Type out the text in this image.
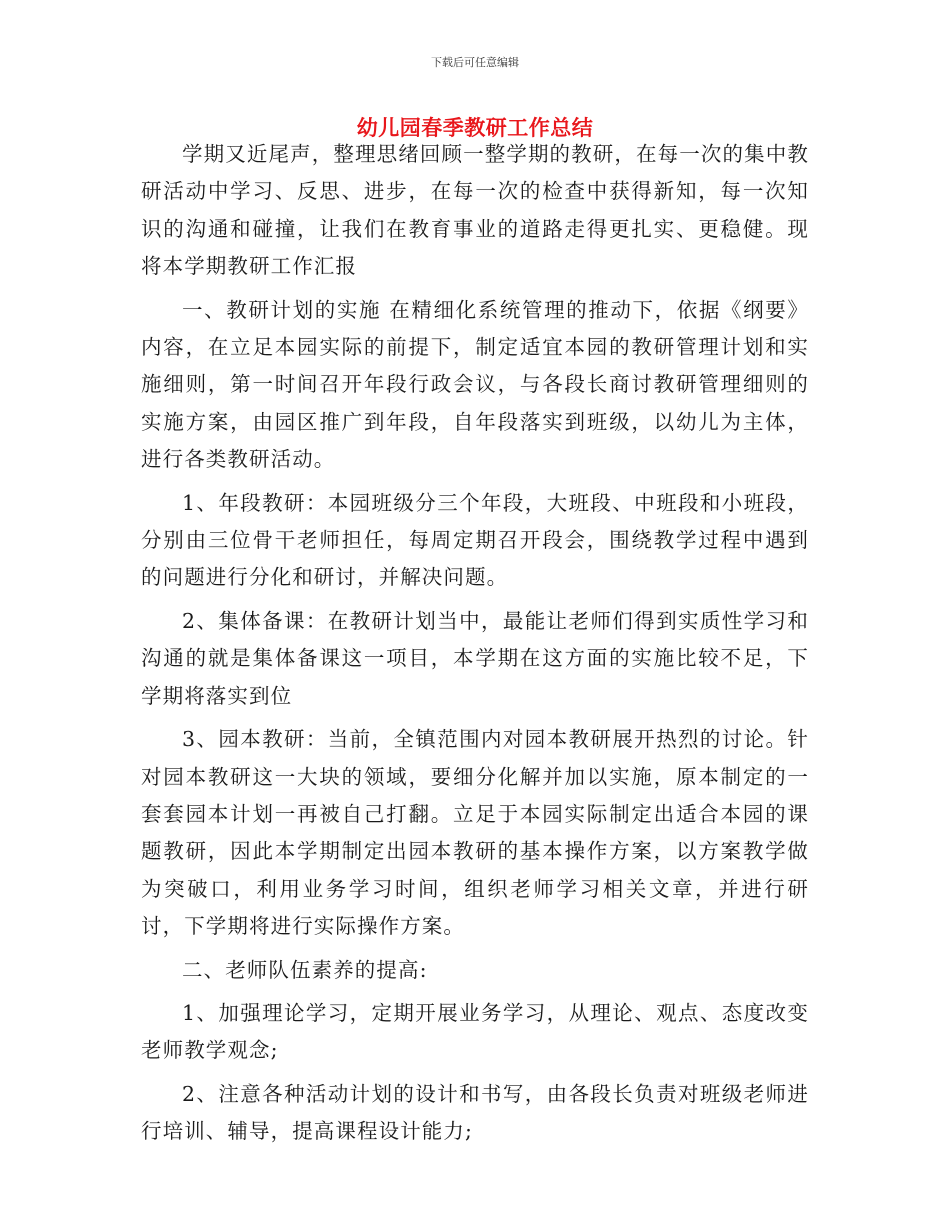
下载后可任意编辑
幼儿园春季教研工作总结

学期又近尾声，整理思绪回顾一整学期的教研，在每一次的集中教研活动中学习、反思、进步，在每一次的检查中获得新知，每一次知识的沟通和碰撞，让我们在教育事业的道路走得更扎实、更稳健。现将本学期教研工作汇报

一、教研计划的实施 在精细化系统管理的推动下，依据《纲要》内容，在立足本园实际的前提下，制定适宜本园的教研管理计划和实施细则，第一时间召开年段行政会议，与各段长商讨教研管理细则的实施方案，由园区推广到年段，自年段落实到班级，以幼儿为主体，进行各类教研活动。

1、年段教研：本园班级分三个年段，大班段、中班段和小班段，分别由三位骨干老师担任，每周定期召开段会，围绕教学过程中遇到的问题进行分化和研讨，并解决问题。

2、集体备课：在教研计划当中，最能让老师们得到实质性学习和沟通的就是集体备课这一项目，本学期在这方面的实施比较不足，下学期将落实到位

3、园本教研：当前，全镇范围内对园本教研展开热烈的讨论。针对园本教研这一大块的领域，要细分化解并加以实施，原本制定的一套套园本计划一再被自己打翻。立足于本园实际制定出适合本园的课题教研，因此本学期制定出园本教研的基本操作方案，以方案教学做为突破口，利用业务学习时间，组织老师学习相关文章，并进行研讨，下学期将进行实际操作方案。

二、老师队伍素养的提高:

1、加强理论学习，定期开展业务学习，从理论、观点、态度改变老师教学观念;

2、注意各种活动计划的设计和书写，由各段长负责对班级老师进行培训、辅导，提高课程设计能力;
